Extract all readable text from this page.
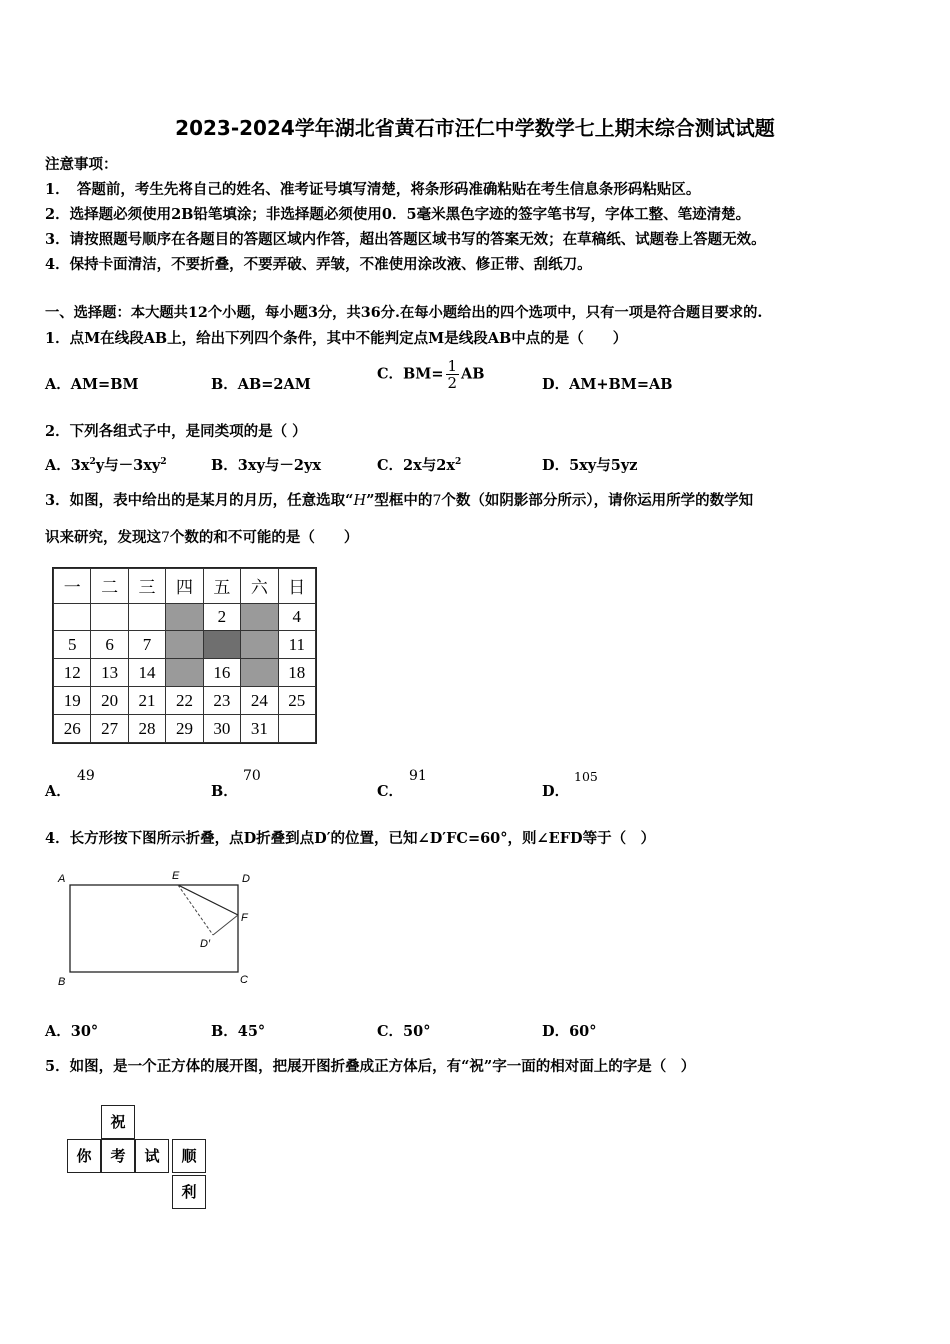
2023-2024学年湖北省黄石市汪仁中学数学七上期末综合测试试题
注意事项：
1．　答题前，考生先将自己的姓名、准考证号填写清楚，将条形码准确粘贴在考生信息条形码粘贴区。
2．选择题必须使用2B铅笔填涂；非选择题必须使用0．5毫米黑色字迹的签字笔书写，字体工整、笔迹清楚。
3．请按照题号顺序在各题目的答题区域内作答，超出答题区域书写的答案无效；在草稿纸、试题卷上答题无效。
4．保持卡面清洁，不要折叠，不要弄破、弄皱，不准使用涂改液、修正带、刮纸刀。
一、选择题：本大题共12个小题，每小题3分，共36分.在每小题给出的四个选项中，只有一项是符合题目要求的.
1．点M在线段AB上，给出下列四个条件，其中不能判定点M是线段AB中点的是（　　）
A．AM=BM	B．AB=2AM
C．$BM= \frac{1}{2}$ AB
D．AM+BM=AB
2．下列各组式子中，是同类项的是（ ）
A．$3x^2y$与$-3xy^2$	B．3xy与－2yx	C．2x与$2x^2$	D．5xy与5yz
3．如图，表中给出的是某月的月历，任意选取“H”型框中的7个数（如阴影部分所示），请你运用所学的数学知
识来研究，发现这7个数的和不可能的是（　　）
一	二	三	四	五	六	日
				2		4
5	6	7				11
12	13	14		16		18
19	20	21	22	23	24	25
26	27	28	29	30	31	
A．
49
B．
70
C．
91
D．
105
4．长方形按下图所示折叠，点D折叠到点D′的位置，已知∠D′FC=60°，则∠EFD等于（　）
A	E	D
F
D′
B	C
A．30°	B．45°	C．50°	D．60°
5．如图，是一个正方体的展开图，把展开图折叠成正方体后，有“祝”字一面的相对面上的字是（　）
祝
你	考	试	顺
利
